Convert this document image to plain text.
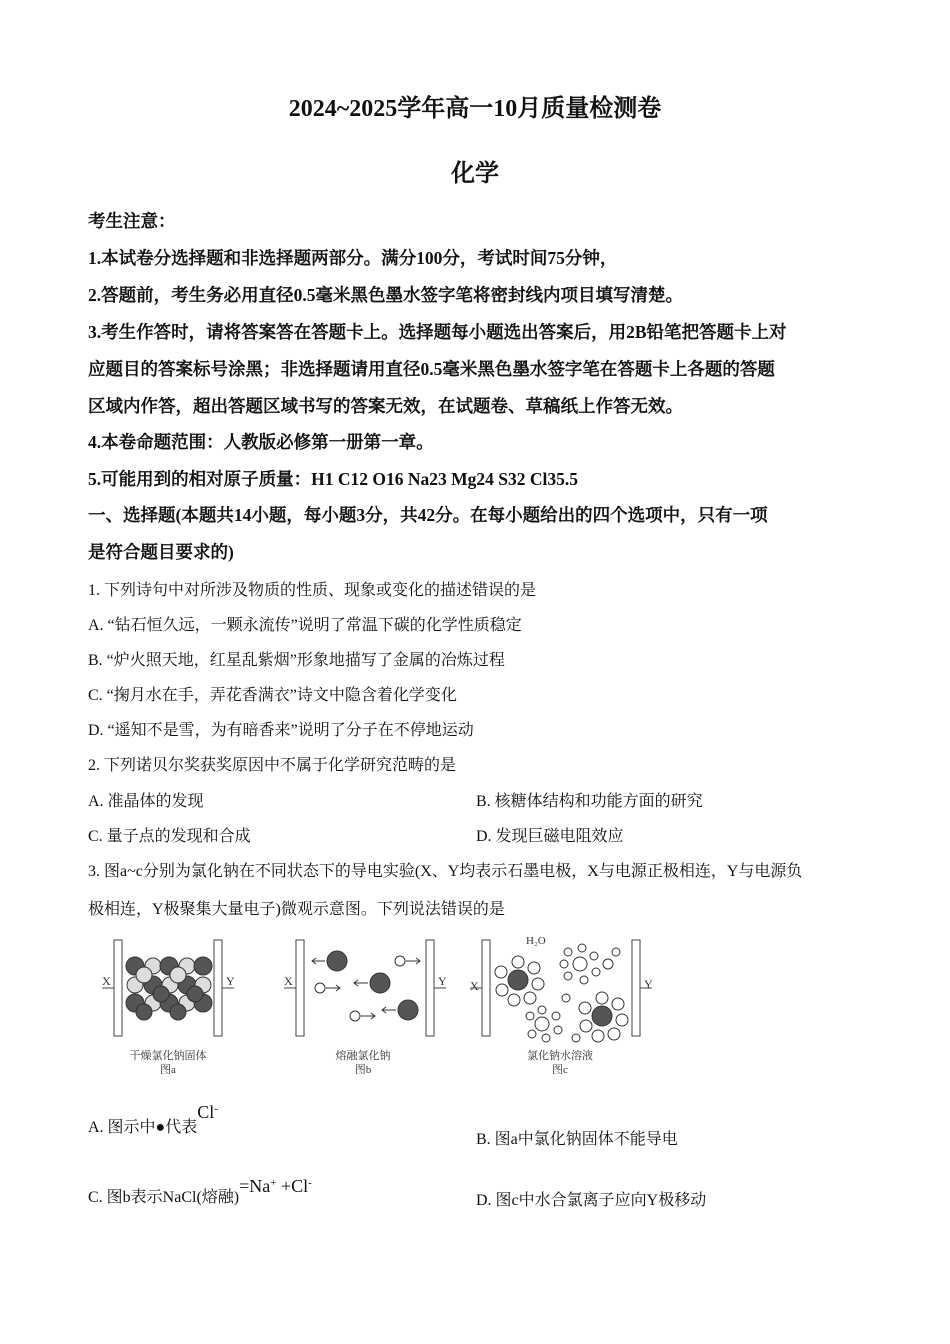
2024~2025学年高一10月质量检测卷
化学
考生注意：
1.本试卷分选择题和非选择题两部分。满分100分，考试时间75分钟，
2.答题前，考生务必用直径0.5毫米黑色墨水签字笔将密封线内项目填写清楚。
3.考生作答时，请将答案答在答题卡上。选择题每小题选出答案后，用2B铅笔把答题卡上对
应题目的答案标号涂黑；非选择题请用直径0.5毫米黑色墨水签字笔在答题卡上各题的答题
区域内作答，超出答题区域书写的答案无效，在试题卷、草稿纸上作答无效。
4.本卷命题范围：人教版必修第一册第一章。
5.可能用到的相对原子质量：H1 C12 O16 Na23 Mg24 S32 Cl35.5
一、选择题(本题共14小题，每小题3分，共42分。在每小题给出的四个选项中，只有一项
是符合题目要求的)
1. 下列诗句中对所涉及物质的性质、现象或变化的描述错误的是
A. “钻石恒久远，一颗永流传”说明了常温下碳的化学性质稳定
B. “炉火照天地，红星乱紫烟”形象地描写了金属的冶炼过程
C. “掬月水在手，弄花香满衣”诗文中隐含着化学变化
D. “遥知不是雪，为有暗香来”说明了分子在不停地运动
2. 下列诺贝尔奖获奖原因中不属于化学研究范畴的是
A. 准晶体的发现	B. 核糖体结构和功能方面的研究
C. 量子点的发现和合成	D. 发现巨磁电阻效应
3. 图a~c分别为氯化钠在不同状态下的导电实验(X、Y均表示石墨电极，X与电源正极相连，Y与电源负
极相连，Y极聚集大量电子)微观示意图。下列说法错误的是
X	Y
干燥氯化钠固体
图a
X	Y
熔融氯化钠
图b
X	Y
H₂O
氯化钠水溶液
图c
A. 图示中●代表Cl-
B. 图a中氯化钠固体不能导电
C. 图b表示NaCl(熔融)=Na+ +Cl-
D. 图c中水合氯离子应向Y极移动
